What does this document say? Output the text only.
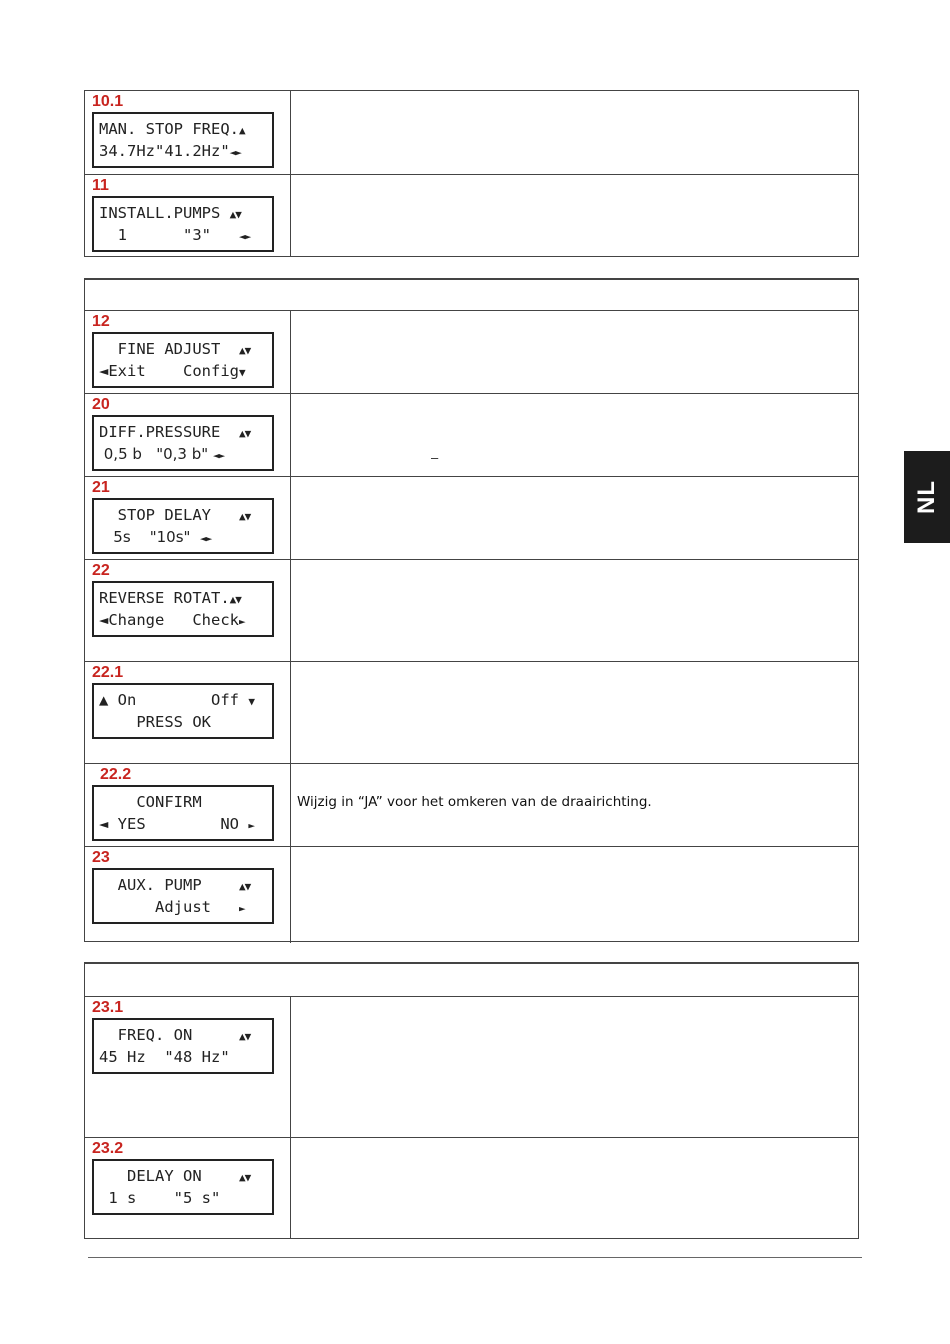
10.1
MAN. STOP FREQ.▲
34.7Hz"41.2Hz"◄►
11
INSTALL.PUMPS ▲▼
1      "3"   ◄►
12
FINE ADJUST  ▲▼
◄Exit    Config▼
20
DIFF.PRESSURE  ▲▼
0,5 b   "0,3 b" ◄►
21
STOP DELAY   ▲▼
5s    "10s"  ◄►
22
REVERSE ROTAT.▲▼
◄Change   Check►
22.1
▲ On        Off ▼
PRESS OK
22.2
CONFIRM
◄ YES        NO ►
Wijzig in “JA” voor het omkeren van de draairichting.
23
AUX. PUMP    ▲▼
Adjust   ►
23.1
FREQ. ON     ▲▼
45 Hz  "48 Hz"
23.2
DELAY ON    ▲▼
1 s    "5 s"
–
NL
